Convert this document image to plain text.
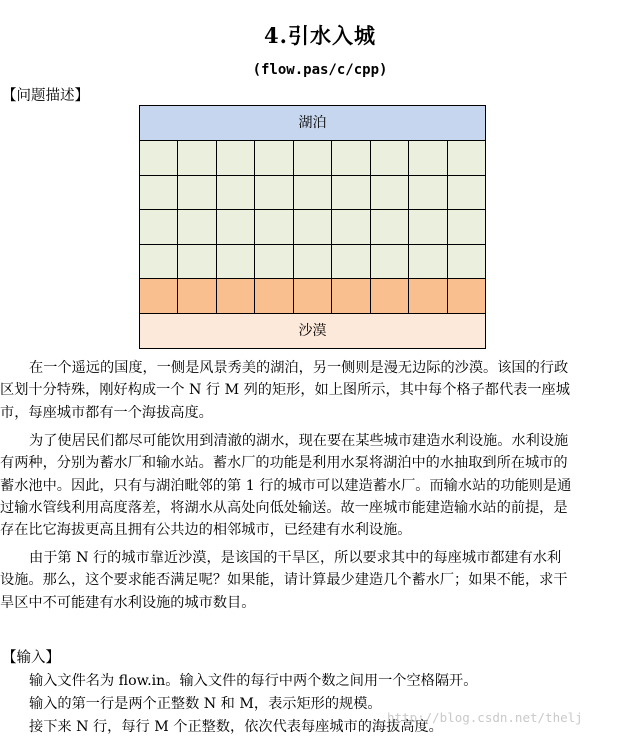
4.引水入城
(flow.pas/c/cpp)
【问题描述】
湖泊
沙漠
在一个遥远的国度，一侧是风景秀美的湖泊，另一侧则是漫无边际的沙漠。该国的行政
区划十分特殊，刚好构成一个 N 行 M 列的矩形，如上图所示，其中每个格子都代表一座城
市，每座城市都有一个海拔高度。
为了使居民们都尽可能饮用到清澈的湖水，现在要在某些城市建造水利设施。水利设施
有两种，分别为蓄水厂和输水站。蓄水厂的功能是利用水泵将湖泊中的水抽取到所在城市的
蓄水池中。因此，只有与湖泊毗邻的第 1 行的城市可以建造蓄水厂。而输水站的功能则是通
过输水管线利用高度落差，将湖水从高处向低处输送。故一座城市能建造输水站的前提，是
存在比它海拔更高且拥有公共边的相邻城市，已经建有水利设施。
由于第 N 行的城市靠近沙漠，是该国的干旱区，所以要求其中的每座城市都建有水利
设施。那么，这个要求能否满足呢？如果能，请计算最少建造几个蓄水厂；如果不能，求干
旱区中不可能建有水利设施的城市数目。
【输入】
输入文件名为 flow.in。输入文件的每行中两个数之间用一个空格隔开。
输入的第一行是两个正整数 N 和 M，表示矩形的规模。
接下来 N 行，每行 M 个正整数，依次代表每座城市的海拔高度。
http://blog.csdn.net/thelj
